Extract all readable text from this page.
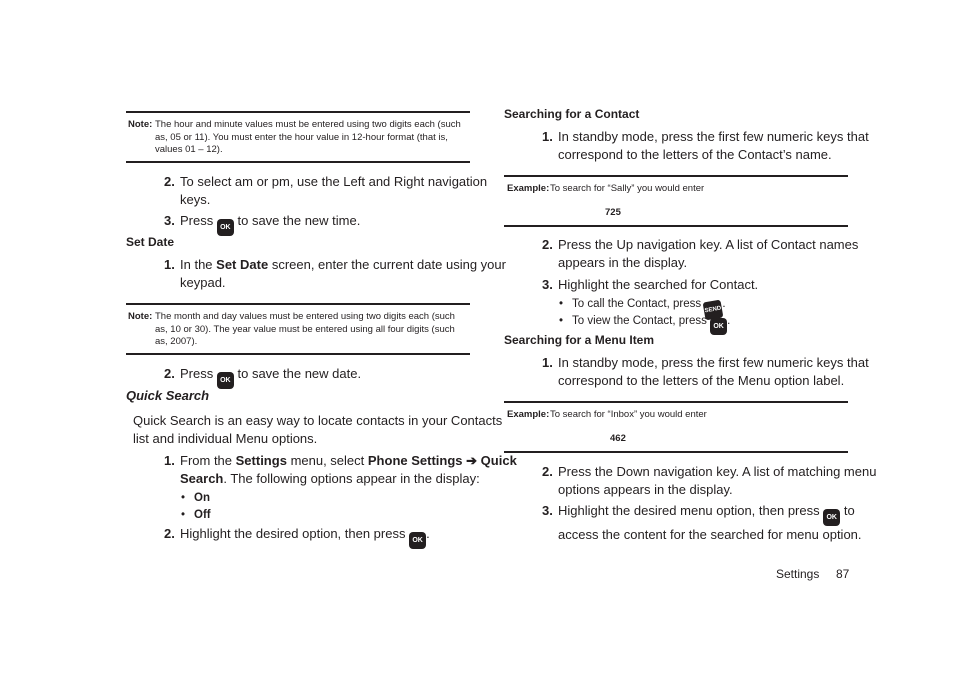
Note: The hour and minute values must be entered using two digits each (such as, 05 or 11). You must enter the hour value in 12-hour format (that is, values 01 – 12).
2. To select am or pm, use the Left and Right navigation
keys.
3. Press OK to save the new time.
Set Date
1. In the Set Date screen, enter the current date using your
keypad.
Note: The month and day values must be entered using two digits each (such as, 10 or 30). The year value must be entered using all four digits (such as, 2007).
2. Press OK to save the new date.
Quick Search
Quick Search is an easy way to locate contacts in your Contacts
list and individual Menu options.
1. From the Settings menu, select Phone Settings ➔ Quick
Search. The following options appear in the display:
• On
• Off
2. Highlight the desired option, then press OK .
Searching for a Contact
1. In standby mode, press the first few numeric keys that
correspond to the letters of the Contact’s name.
Example: To search for “Sally” you would enter
725
2. Press the Up navigation key. A list of Contact names
appears in the display.
3. Highlight the searched for Contact.
• To call the Contact, press SEND.
• To view the Contact, press OK .
Searching for a Menu Item
1. In standby mode, press the first few numeric keys that
correspond to the letters of the Menu option label.
Example: To search for “Inbox” you would enter
462
2. Press the Down navigation key. A list of matching menu
options appears in the display.
3. Highlight the desired menu option, then press OK to
access the content for the searched for menu option.
Settings 87
